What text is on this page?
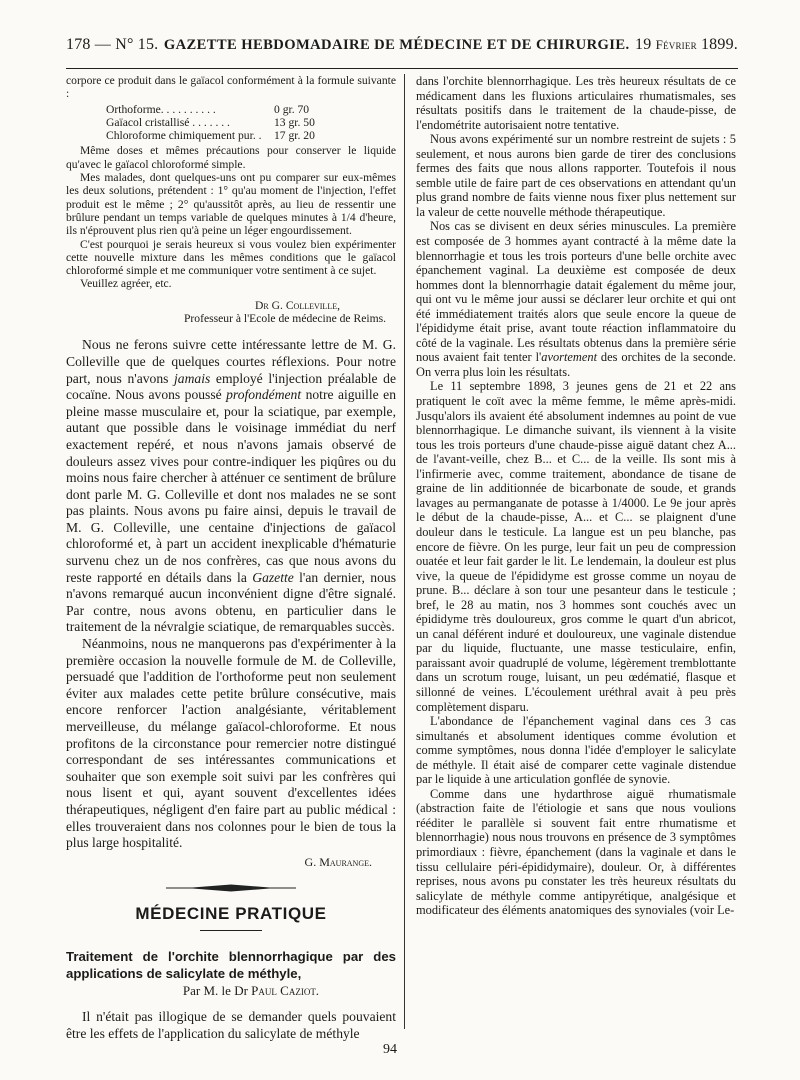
178 — N° 15. GAZETTE HEBDOMADAIRE DE MÉDECINE ET DE CHIRURGIE. 19 Février 1899.

corpore ce produit dans le gaïacol conformément à la formule suivante :

Orthoforme. . . . . . . . . .	0 gr. 70
Gaïacol cristallisé . . . . . . .	13 gr. 50
Chloroforme chimiquement pur. .	17 gr. 20

Même doses et mêmes précautions pour conserver le liquide qu'avec le gaïacol chloroformé simple.

Mes malades, dont quelques-uns ont pu comparer sur eux-mêmes les deux solutions, prétendent : 1° qu'au moment de l'injection, l'effet produit est le même ; 2° qu'aussitôt après, au lieu de ressentir une brûlure pendant un temps variable de quelques minutes à 1/4 d'heure, ils n'éprouvent plus rien qu'à peine un léger engourdissement.

C'est pourquoi je serais heureux si vous voulez bien expérimenter cette nouvelle mixture dans les mêmes conditions que le gaïacol chloroformé simple et me communiquer votre sentiment à ce sujet.

Veuillez agréer, etc.

Dr G. Colleville,
Professeur à l'Ecole de médecine de Reims.

Nous ne ferons suivre cette intéressante lettre de M. G. Colleville que de quelques courtes réflexions. Pour notre part, nous n'avons jamais employé l'injection préalable de cocaïne. Nous avons poussé profondément notre aiguille en pleine masse musculaire et, pour la sciatique, par exemple, autant que possible dans le voisinage immédiat du nerf exactement repéré, et nous n'avons jamais observé de douleurs assez vives pour contre-indiquer les piqûres ou du moins nous faire chercher à atténuer ce sentiment de brûlure dont parle M. G. Colleville et dont nos malades ne se sont pas plaints. Nous avons pu faire ainsi, depuis le travail de M. G. Colleville, une centaine d'injections de gaïacol chloroformé et, à part un accident inexplicable d'hématurie survenu chez un de nos confrères, cas que nous avons du reste rapporté en détails dans la Gazette l'an dernier, nous n'avons remarqué aucun inconvénient digne d'être signalé. Par contre, nous avons obtenu, en particulier dans le traitement de la névralgie sciatique, de remarquables succès.

Néanmoins, nous ne manquerons pas d'expérimenter à la première occasion la nouvelle formule de M. de Colleville, persuadé que l'addition de l'orthoforme peut non seulement éviter aux malades cette petite brûlure consécutive, mais encore renforcer l'action analgésiante, véritablement merveilleuse, du mélange gaïacol-chloroforme. Et nous profitons de la circonstance pour remercier notre distingué correspondant de ses intéressantes communications et souhaiter que son exemple soit suivi par les confrères qui nous lisent et qui, ayant souvent d'excellentes idées thérapeutiques, négligent d'en faire part au public médical : elles trouveraient dans nos colonnes pour le bien de tous la plus large hospitalité.

G. Maurange.
MÉDECINE PRATIQUE
Traitement de l'orchite blennorrhagique par des applications de salicylate de méthyle,
Par M. le Dr Paul Caziot.

Il n'était pas illogique de se demander quels pouvaient être les effets de l'application du salicylate de méthyle

dans l'orchite blennorrhagique. Les très heureux résultats de ce médicament dans les fluxions articulaires rhumatismales, ses résultats positifs dans le traitement de la chaude-pisse, de l'endométrite autorisaient notre tentative.

Nous avons expérimenté sur un nombre restreint de sujets : 5 seulement, et nous aurons bien garde de tirer des conclusions fermes des faits que nous allons rapporter. Toutefois il nous semble utile de faire part de ces observations en attendant qu'un plus grand nombre de faits vienne nous fixer plus nettement sur la valeur de cette nouvelle méthode thérapeutique.

Nos cas se divisent en deux séries minuscules. La première est composée de 3 hommes ayant contracté à la même date la blennorrhagie et tous les trois porteurs d'une belle orchite avec épanchement vaginal. La deuxième est composée de deux hommes dont la blennorrhagie datait également du même jour, qui ont vu le même jour aussi se déclarer leur orchite et qui ont été immédiatement traités alors que seule encore la queue de l'épididyme était prise, avant toute réaction inflammatoire du côté de la vaginale. Les résultats obtenus dans la première série nous avaient fait tenter l'avortement des orchites de la seconde. On verra plus loin les résultats.

Le 11 septembre 1898, 3 jeunes gens de 21 et 22 ans pratiquent le coït avec la même femme, le même après-midi. Jusqu'alors ils avaient été absolument indemnes au point de vue blennorrhagique. Le dimanche suivant, ils viennent à la visite tous les trois porteurs d'une chaude-pisse aiguë datant chez A... de l'avant-veille, chez B... et C... de la veille. Ils sont mis à l'infirmerie avec, comme traitement, abondance de tisane de graine de lin additionnée de bicarbonate de soude, et grands lavages au permanganate de potasse à 1/4000. Le 9e jour après le début de la chaude-pisse, A... et C... se plaignent d'une douleur dans le testicule. La langue est un peu blanche, pas encore de fièvre. On les purge, leur fait un peu de compression ouatée et leur fait garder le lit. Le lendemain, la douleur est plus vive, la queue de l'épididyme est grosse comme un noyau de prune. B... déclare à son tour une pesanteur dans le testicule ; bref, le 28 au matin, nos 3 hommes sont couchés avec un épididyme très douloureux, gros comme le quart d'un abricot, un canal déférent induré et douloureux, une vaginale distendue par du liquide, fluctuante, une masse testiculaire, enfin, paraissant avoir quadruplé de volume, légèrement tremblottante dans un scrotum rouge, luisant, un peu œdématié, flasque et sillonné de veines. L'écoulement uréthral avait à peu près complètement disparu.

L'abondance de l'épanchement vaginal dans ces 3 cas simultanés et absolument identiques comme évolution et comme symptômes, nous donna l'idée d'employer le salicylate de méthyle. Il était aisé de comparer cette vaginale distendue par le liquide à une articulation gonflée de synovie.

Comme dans une hydarthrose aiguë rhumatismale (abstraction faite de l'étiologie et sans que nous voulions rééditer le parallèle si souvent fait entre rhumatisme et blennorrhagie) nous nous trouvons en présence de 3 symptômes primordiaux : fièvre, épanchement (dans la vaginale et dans le tissu cellulaire péri-épididymaire), douleur. Or, à différentes reprises, nous avons pu constater les très heureux résultats du salicylate de méthyle comme antipyrétique, analgésique et modificateur des éléments anatomiques des synoviales (voir Le-

94
